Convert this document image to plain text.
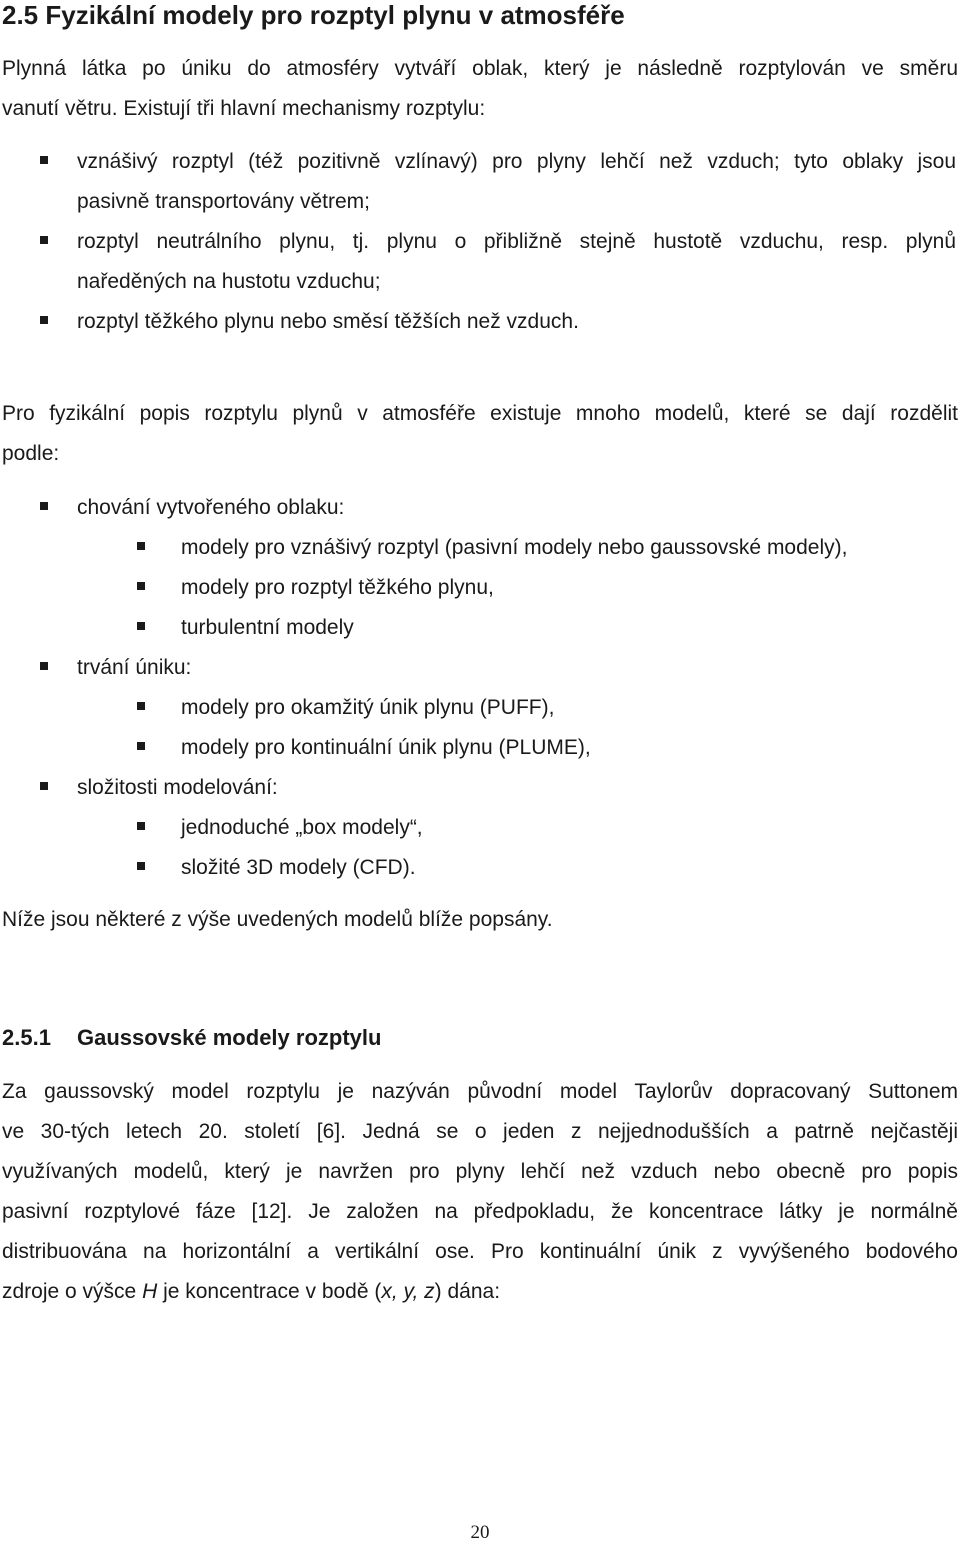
2.5 Fyzikální modely pro rozptyl plynu v atmosféře
Plynná látka po úniku do atmosféry vytváří oblak, který je následně rozptylován ve směru
vanutí větru. Existují tři hlavní mechanismy rozptylu:
vznášivý rozptyl (též pozitivně vzlínavý) pro plyny lehčí než vzduch; tyto oblaky jsou
pasivně transportovány větrem;
rozptyl neutrálního plynu, tj. plynu o přibližně stejně hustotě vzduchu, resp. plynů
naředěných na hustotu vzduchu;
rozptyl těžkého plynu nebo směsí těžších než vzduch.
Pro fyzikální popis rozptylu plynů v atmosféře existuje mnoho modelů, které se dají rozdělit
podle:
chování vytvořeného oblaku:
modely pro vznášivý rozptyl (pasivní modely nebo gaussovské modely),
modely pro rozptyl těžkého plynu,
turbulentní modely
trvání úniku:
modely pro okamžitý únik plynu (PUFF),
modely pro kontinuální únik plynu (PLUME),
složitosti modelování:
jednoduché „box modely“,
složité 3D modely (CFD).
Níže jsou některé z výše uvedených modelů blíže popsány.
2.5.1 Gaussovské modely rozptylu
Za gaussovský model rozptylu je nazýván původní model Taylorův dopracovaný Suttonem
ve 30-tých letech 20. století [6]. Jedná se o jeden z nejjednodušších a patrně nejčastěji
využívaných modelů, který je navržen pro plyny lehčí než vzduch nebo obecně pro popis
pasivní rozptylové fáze [12]. Je založen na předpokladu, že koncentrace látky je normálně
distribuována na horizontální a vertikální ose. Pro kontinuální únik z vyvýšeného bodového
zdroje o výšce H je koncentrace v bodě (x, y, z) dána:
20
